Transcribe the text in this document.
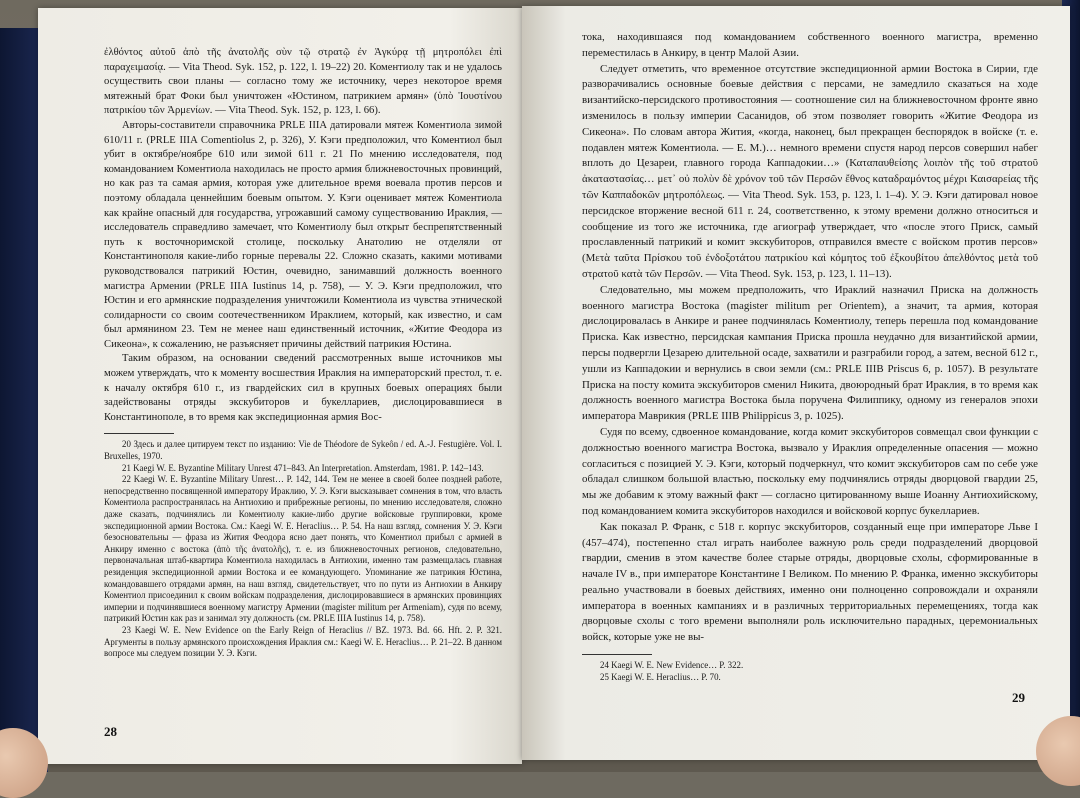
ἐλθόντος αὐτοῦ ἀπὸ τῆς ἀνατολῆς σὺν τῷ στρατῷ ἐν Ἀγκύρᾳ τῇ μητροπόλει ἐπὶ παραχειμασίᾳ. — Vita Theod. Syk. 152, p. 122, l. 19–22) 20. Коментиолу так и не удалось осуществить свои планы — согласно тому же источнику, через некоторое время мятежный брат Фоки был уничтожен «Юстином, патрикием армян» (ὑπὸ Ἰουστίνου πατρικίου τῶν Ἀρμενίων. — Vita Theod. Syk. 152, p. 123, l. 66).

Авторы-составители справочника PRLE IIIA датировали мятеж Коментиола зимой 610/11 г. (PRLE IIIA Comentiolus 2, p. 326), У. Кэги предположил, что Коментиол был убит в октябре/ноябре 610 или зимой 611 г. 21 По мнению исследователя, под командованием Коментиола находилась не просто армия ближневосточных провинций, но как раз та самая армия, которая уже длительное время воевала против персов и поэтому обладала ценнейшим боевым опытом. У. Кэги оценивает мятеж Коментиола как крайне опасный для государства, угрожавший самому существованию Ираклия, — исследователь справедливо замечает, что Коментиолу был открыт беспрепятственный путь к восточноримской столице, поскольку Анатолию не отделяли от Константинополя какие-либо горные перевалы 22. Сложно сказать, какими мотивами руководствовался патрикий Юстин, очевидно, занимавший должность военного магистра Армении (PRLE IIIA Iustinus 14, p. 758), — У. Э. Кэги предположил, что Юстин и его армянские подразделения уничтожили Коментиола из чувства этнической солидарности со своим соотечественником Ираклием, который, как известно, и сам был армянином 23. Тем не менее наш единственный источник, «Житие Феодора из Сикеона», к сожалению, не разъясняет причины действий патрикия Юстина.

Таким образом, на основании сведений рассмотренных выше источников мы можем утверждать, что к моменту восшествия Ираклия на императорский престол, т. е. к началу октября 610 г., из гвардейских сил в крупных боевых операциях были задействованы отряды экскубиторов и букеллариев, дислоцировавшиеся в Константинополе, в то время как экспедиционная армия Вос-

20 Здесь и далее цитируем текст по изданию: Vie de Théodore de Sykeôn / ed. A.-J. Festugière. Vol. I. Bruxelles, 1970.

21 Kaegi W. E. Byzantine Military Unrest 471–843. An Interpretation. Amsterdam, 1981. P. 142–143.

22 Kaegi W. E. Byzantine Military Unrest… P. 142, 144. Тем не менее в своей более поздней работе, непосредственно посвященной императору Ираклию, У. Э. Кэги высказывает сомнения в том, что власть Коментиола распространялась на Антиохию и прибрежные регионы, по мнению исследователя, сложно даже сказать, подчинялись ли Коментиолу какие-либо другие войсковые группировки, кроме экспедиционной армии Востока. См.: Kaegi W. E. Heraclius… P. 54. На наш взгляд, сомнения У. Э. Кэги безосновательны — фраза из Жития Феодора ясно дает понять, что Коментиол прибыл с армией в Анкиру именно с востока (ἀπὸ τῆς ἀνατολῆς), т. е. из ближневосточных регионов, следовательно, первоначальная штаб-квартира Коментиола находилась в Антиохии, именно там размещалась главная резиденция экспедиционной армии Востока и ее командующего. Упоминание же патрикия Юстина, командовавшего отрядами армян, на наш взгляд, свидетельствует, что по пути из Антиохии в Анкиру Коментиол присоединил к своим войскам подразделения, дислоцировавшиеся в армянских провинциях империи и подчинявшиеся военному магистру Армении (magister militum per Armeniam), судя по всему, патрикий Юстин как раз и занимал эту должность (см. PRLE IIIA Iustinus 14, p. 758).

23 Kaegi W. E. New Evidence on the Early Reign of Heraclius // BZ. 1973. Bd. 66. Hft. 2. P. 321. Аргументы в пользу армянского происхождения Ираклия см.: Kaegi W. E. Heraclius… P. 21–22. В данном вопросе мы следуем позиции У. Э. Кэги.

28

тока, находившаяся под командованием собственного военного магистра, временно переместилась в Анкиру, в центр Малой Азии.

Следует отметить, что временное отсутствие экспедиционной армии Востока в Сирии, где разворачивались основные боевые действия с персами, не замедлило сказаться на ходе византийско-персидского противостояния — соотношение сил на ближневосточном фронте явно изменилось в пользу империи Сасанидов, об этом позволяет говорить «Житие Феодора из Сикеона». По словам автора Жития, «когда, наконец, был прекращен беспорядок в войске (т. е. подавлен мятеж Коментиола. — Е. М.)… немного времени спустя народ персов совершил набег вплоть до Цезареи, главного города Каппадокии…» (Καταπαυθείσης λοιπὸν τῆς τοῦ στρατοῦ ἀκαταστασίας… μετ᾽ οὐ πολὺν δὲ χρόνον τοῦ τῶν Περσῶν ἔθνος καταδραμόντος μέχρι Καισαρείας τῆς τῶν Καππαδοκῶν μητροπόλεως. — Vita Theod. Syk. 153, p. 123, l. 1–4). У. Э. Кэги датировал новое персидское вторжение весной 611 г. 24, соответственно, к этому времени должно относиться и сообщение из того же источника, где агиограф утверждает, что «после этого Приск, самый прославленный патрикий и комит экскубиторов, отправился вместе с войском против персов» (Μετὰ ταῦτα Πρίσκου τοῦ ἐνδοξοτάτου πατρικίου καὶ κόμητος τοῦ ἐξκουβίτου ἀπελθόντος μετὰ τοῦ στρατοῦ κατὰ τῶν Περσῶν. — Vita Theod. Syk. 153, p. 123, l. 11–13).

Следовательно, мы можем предположить, что Ираклий назначил Приска на должность военного магистра Востока (magister militum per Orientem), а значит, та армия, которая дислоцировалась в Анкире и ранее подчинялась Коментиолу, теперь перешла под командование Приска. Как известно, персидская кампания Приска прошла неудачно для византийской армии, персы подвергли Цезарею длительной осаде, захватили и разграбили город, а затем, весной 612 г., ушли из Каппадокии и вернулись в свои земли (см.: PRLE IIIB Priscus 6, p. 1057). В результате Приска на посту комита экскубиторов сменил Никита, двоюродный брат Ираклия, в то время как должность военного магистра Востока была поручена Филиппику, одному из генералов эпохи императора Маврикия (PRLE IIIB Philippicus 3, p. 1025).

Судя по всему, сдвоенное командование, когда комит экскубиторов совмещал свои функции с должностью военного магистра Востока, вызвало у Ираклия определенные опасения — можно согласиться с позицией У. Э. Кэги, который подчеркнул, что комит экскубиторов сам по себе уже обладал слишком большой властью, поскольку ему подчинялись отряды дворцовой гвардии 25, мы же добавим к этому важный факт — согласно цитированному выше Иоанну Антиохийскому, под командованием комита экскубиторов находился и войсковой корпус букеллариев.

Как показал Р. Франк, с 518 г. корпус экскубиторов, созданный еще при императоре Льве I (457–474), постепенно стал играть наиболее важную роль среди подразделений дворцовой гвардии, сменив в этом качестве более старые отряды, дворцовые схолы, сформированные в начале IV в., при императоре Константине I Великом. По мнению Р. Франка, именно экскубиторы реально участвовали в боевых действиях, именно они полноценно сопровождали и охраняли императора в военных кампаниях и в различных территориальных перемещениях, тогда как дворцовые схолы с того времени выполняли роль исключительно парадных, церемониальных войск, которые уже не вы-

24 Kaegi W. E. New Evidence… P. 322.

25 Kaegi W. E. Heraclius… P. 70.

29
